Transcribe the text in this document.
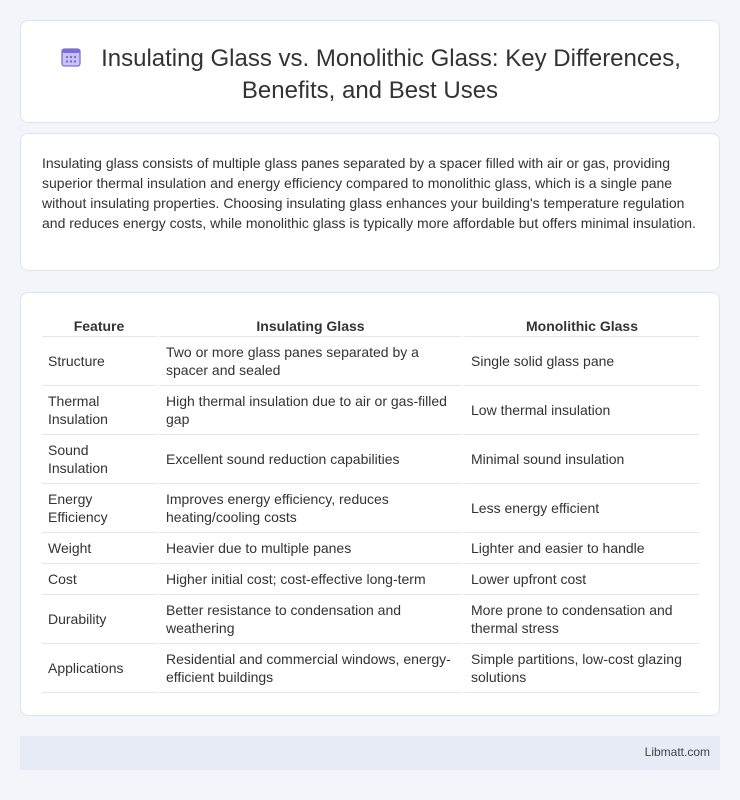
Insulating Glass vs. Monolithic Glass: Key Differences, Benefits, and Best Uses

Insulating glass consists of multiple glass panes separated by a spacer filled with air or gas, providing superior thermal insulation and energy efficiency compared to monolithic glass, which is a single pane without insulating properties. Choosing insulating glass enhances your building's temperature regulation and reduces energy costs, while monolithic glass is typically more affordable but offers minimal insulation.

Feature	Insulating Glass	Monolithic Glass
Structure	Two or more glass panes separated by a spacer and sealed	Single solid glass pane
Thermal Insulation	High thermal insulation due to air or gas-filled gap	Low thermal insulation
Sound Insulation	Excellent sound reduction capabilities	Minimal sound insulation
Energy Efficiency	Improves energy efficiency, reduces heating/cooling costs	Less energy efficient
Weight	Heavier due to multiple panes	Lighter and easier to handle
Cost	Higher initial cost; cost-effective long-term	Lower upfront cost
Durability	Better resistance to condensation and weathering	More prone to condensation and thermal stress
Applications	Residential and commercial windows, energy-efficient buildings	Simple partitions, low-cost glazing solutions
Libmatt.com
